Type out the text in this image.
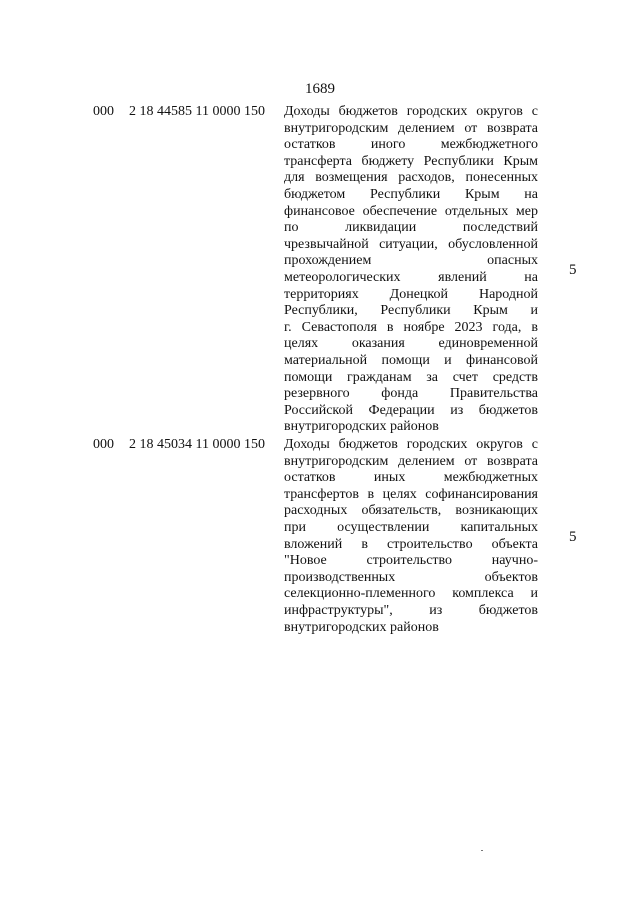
1689
000 2 18 44585 11 0000 150 Доходы бюджетов городских округов с
внутригородским делением от возврата
остатков иного межбюджетного
трансферта бюджету Республики Крым
для возмещения расходов, понесенных
бюджетом Республики Крым на
финансовое обеспечение отдельных мер
по ликвидации последствий
чрезвычайной ситуации, обусловленной
прохождением опасных
метеорологических явлений на
территориях Донецкой Народной
Республики, Республики Крым и
г. Севастополя в ноябре 2023 года, в
целях оказания единовременной
материальной помощи и финансовой
помощи гражданам за счет средств
резервного фонда Правительства
Российской Федерации из бюджетов
внутригородских районов
5
000 2 18 45034 11 0000 150 Доходы бюджетов городских округов с
внутригородским делением от возврата
остатков иных межбюджетных
трансфертов в целях софинансирования
расходных обязательств, возникающих
при осуществлении капитальных
вложений в строительство объекта
"Новое строительство научно-
производственных объектов
селекционно-племенного комплекса и
инфраструктуры", из бюджетов
внутригородских районов
5
